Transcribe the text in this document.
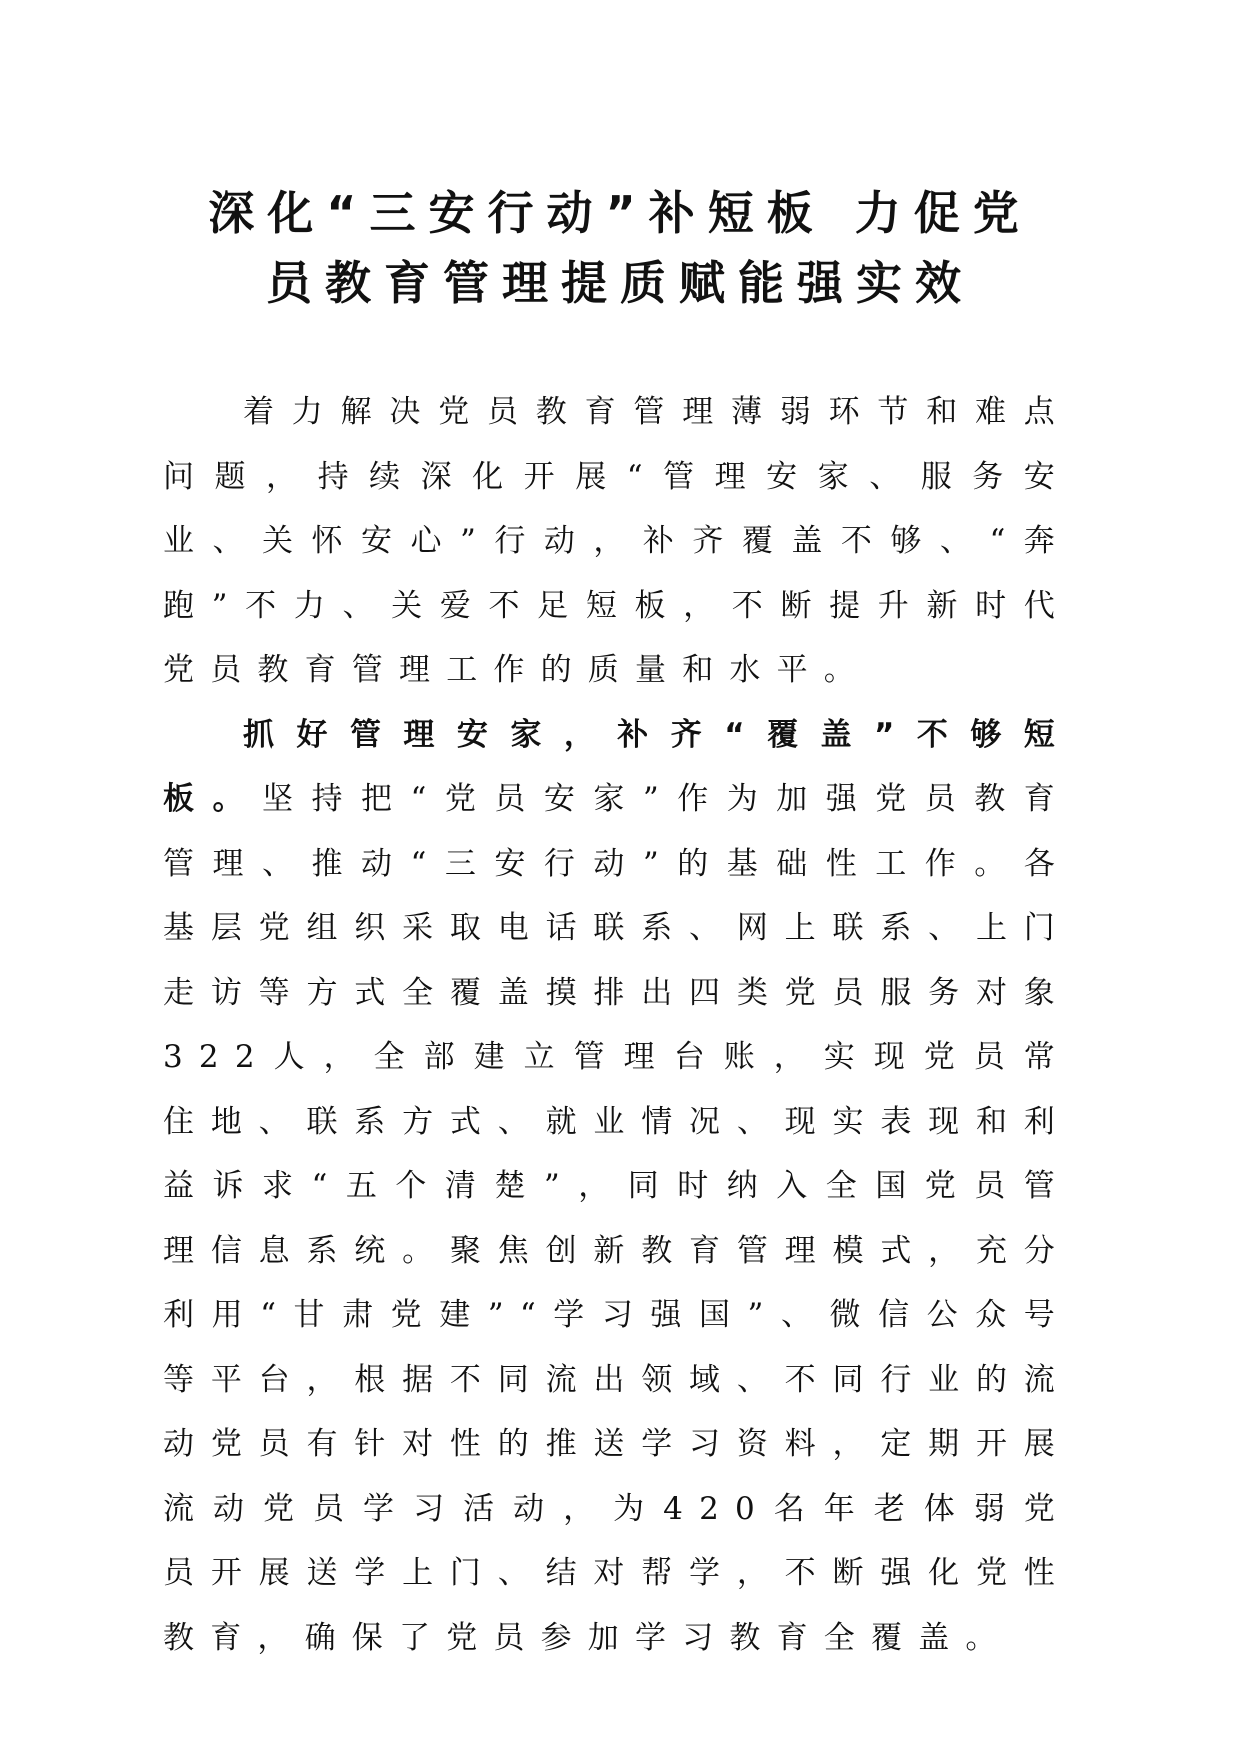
深化“三安行动”补短板 力促党
员教育管理提质赋能强实效

着力解决党员教育管理薄弱环节和难点问题，持续深化开展“管理安家、服务安业、关怀安心”行动，补齐覆盖不够、“奔跑”不力、关爱不足短板，不断提升新时代党员教育管理工作的质量和水平。

抓好管理安家，补齐“覆盖”不够短板。坚持把“党员安家”作为加强党员教育管理、推动“三安行动”的基础性工作。各基层党组织采取电话联系、网上联系、上门走访等方式全覆盖摸排出四类党员服务对象322人，全部建立管理台账，实现党员常住地、联系方式、就业情况、现实表现和利益诉求“五个清楚”，同时纳入全国党员管理信息系统。聚焦创新教育管理模式，充分利用“甘肃党建”“学习强国”、微信公众号等平台，根据不同流出领域、不同行业的流动党员有针对性的推送学习资料，定期开展流动党员学习活动，为420名年老体弱党员开展送学上门、结对帮学，不断强化党性教育，确保了党员参加学习教育全覆盖。
